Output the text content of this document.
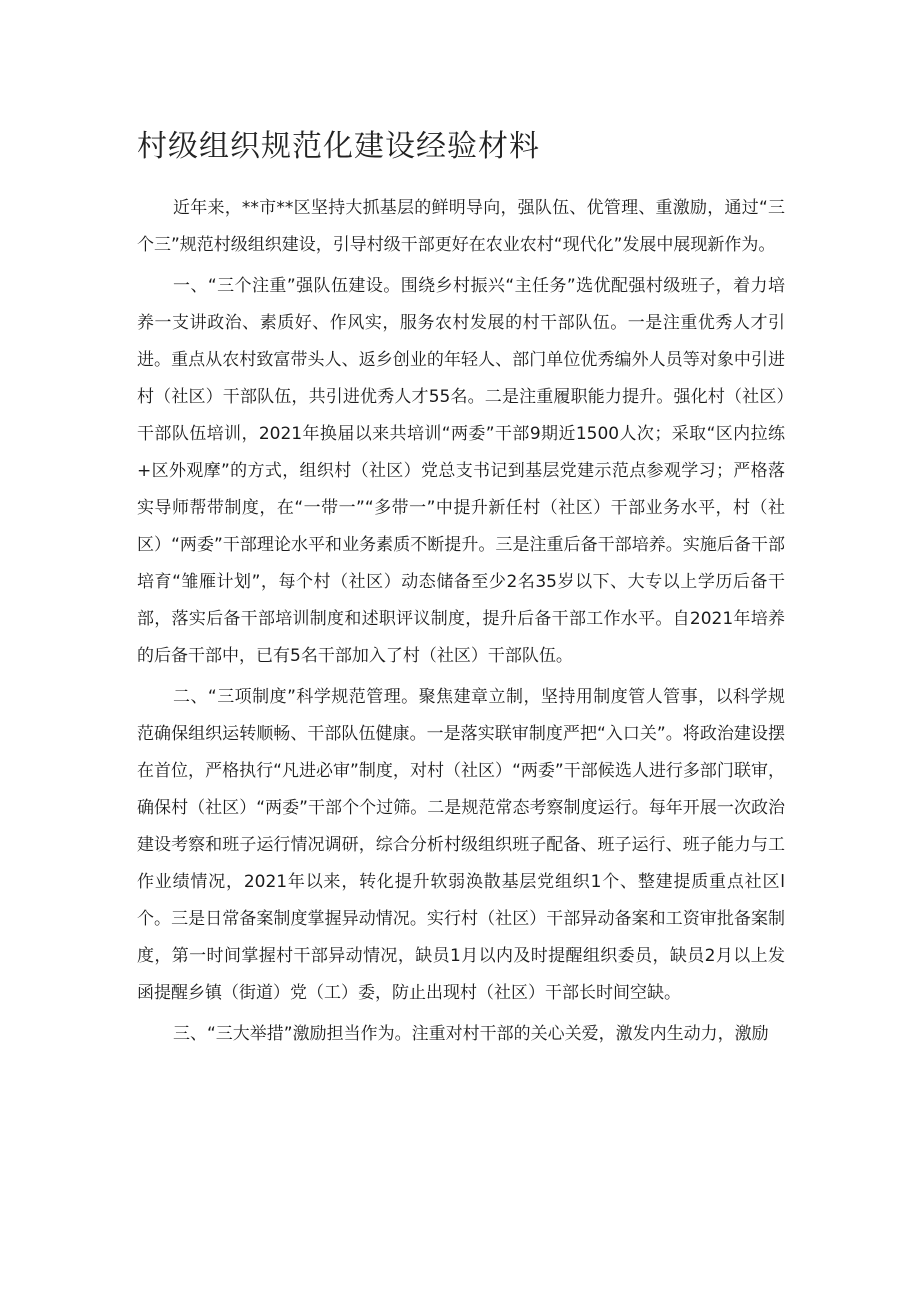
村级组织规范化建设经验材料

近年来，**市**区坚持大抓基层的鲜明导向，强队伍、优管理、重激励，通过“三个三”规范村级组织建设，引导村级干部更好在农业农村“现代化”发展中展现新作为。

一、“三个注重”强队伍建设。围绕乡村振兴“主任务”选优配强村级班子，着力培养一支讲政治、素质好、作风实，服务农村发展的村干部队伍。一是注重优秀人才引进。重点从农村致富带头人、返乡创业的年轻人、部门单位优秀编外人员等对象中引进村（社区）干部队伍，共引进优秀人才55名。二是注重履职能力提升。强化村（社区）干部队伍培训，2021年换届以来共培训“两委”干部9期近1500人次；采取“区内拉练+区外观摩”的方式，组织村（社区）党总支书记到基层党建示范点参观学习；严格落实导师帮带制度，在“一带一”“多带一”中提升新任村（社区）干部业务水平，村（社区）“两委”干部理论水平和业务素质不断提升。三是注重后备干部培养。实施后备干部培育“雏雁计划”，每个村（社区）动态储备至少2名35岁以下、大专以上学历后备干部，落实后备干部培训制度和述职评议制度，提升后备干部工作水平。自2021年培养的后备干部中，已有5名干部加入了村（社区）干部队伍。

二、“三项制度”科学规范管理。聚焦建章立制，坚持用制度管人管事，以科学规范确保组织运转顺畅、干部队伍健康。一是落实联审制度严把“入口关”。将政治建设摆在首位，严格执行“凡进必审”制度，对村（社区）“两委”干部候选人进行多部门联审，确保村（社区）“两委”干部个个过筛。二是规范常态考察制度运行。每年开展一次政治建设考察和班子运行情况调研，综合分析村级组织班子配备、班子运行、班子能力与工作业绩情况，2021年以来，转化提升软弱涣散基层党组织1个、整建提质重点社区l个。三是日常备案制度掌握异动情况。实行村（社区）干部异动备案和工资审批备案制度，第一时间掌握村干部异动情况，缺员1月以内及时提醒组织委员，缺员2月以上发函提醒乡镇（街道）党（工）委，防止出现村（社区）干部长时间空缺。

三、“三大举措”激励担当作为。注重对村干部的关心关爱，激发内生动力，激励
